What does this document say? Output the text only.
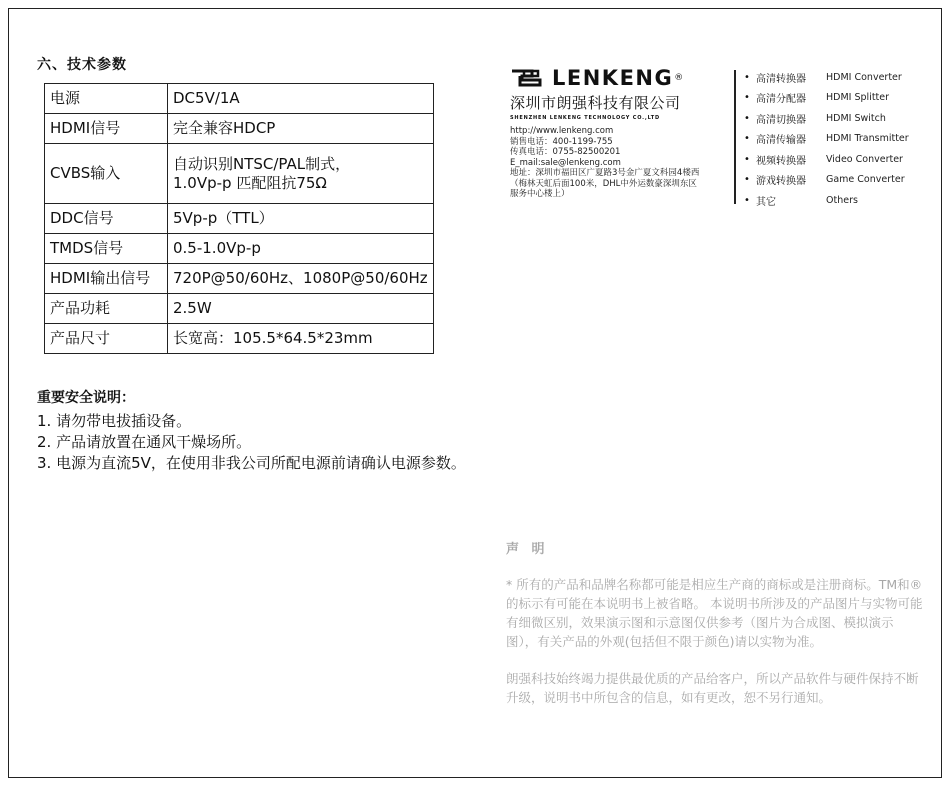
六、技术参数
电源	DC5V/1A
HDMI信号	完全兼容HDCP
CVBS输入	自动识别NTSC/PAL制式，
1.0Vp-p 匹配阻抗75Ω

DDC信号	5Vp-p（TTL）
TMDS信号	0.5-1.0Vp-p
HDMI输出信号	720P@50/60Hz、1080P@50/60Hz
产品功耗	2.5W
产品尺寸	长宽高：105.5*64.5*23mm
重要安全说明：
1. 请勿带电拔插设备。
2. 产品请放置在通风干燥场所。
3. 电源为直流5V，在使用非我公司所配电源前请确认电源参数。
LENKENG ®
深圳市朗强科技有限公司
SHENZHEN LENKENG TECHNOLOGY CO.,LTD
http://www.lenkeng.com
销售电话：400-1199-755
传真电话：0755-82500201
E_mail:sale@lenkeng.com
地址：深圳市福田区广夏路3号金广夏文科园4楼西
（梅林天虹后面100米，DHL中外运数豪深圳东区
服务中心楼上）
• 高清转换器	HDMI Converter
• 高清分配器	HDMI Splitter
• 高清切换器	HDMI Switch
• 高清传输器	HDMI Transmitter
• 视频转换器	Video Converter
• 游戏转换器	Game Converter
• 其它	Others
声 明

* 所有的产品和品牌名称都可能是相应生产商的商标或是注册商标。TM和®的标示有可能在本说明书上被省略。 本说明书所涉及的产品图片与实物可能有细微区别，效果演示图和示意图仅供参考（图片为合成图、模拟演示图），有关产品的外观(包括但不限于颜色)请以实物为准。

朗强科技始终竭力提供最优质的产品给客户，所以产品软件与硬件保持不断升级，说明书中所包含的信息，如有更改，恕不另行通知。
